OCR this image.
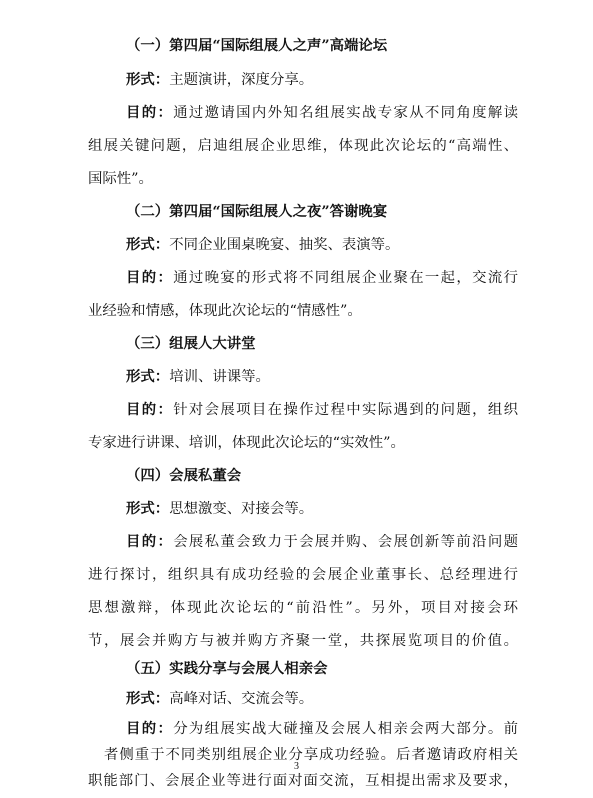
（一）第四届“国际组展人之声”高端论坛
形式：主题演讲，深度分享。
目的：通过邀请国内外知名组展实战专家从不同角度解读
组展关键问题，启迪组展企业思维，体现此次论坛的“高端性、
国际性”。
（二）第四届“国际组展人之夜”答谢晚宴
形式：不同企业围桌晚宴、抽奖、表演等。
目的：通过晚宴的形式将不同组展企业聚在一起，交流行
业经验和情感，体现此次论坛的“情感性”。
（三）组展人大讲堂
形式：培训、讲课等。
目的：针对会展项目在操作过程中实际遇到的问题，组织
专家进行讲课、培训，体现此次论坛的“实效性”。
（四）会展私董会
形式：思想激变、对接会等。
目的：会展私董会致力于会展并购、会展创新等前沿问题
进行探讨，组织具有成功经验的会展企业董事长、总经理进行
思想激辩，体现此次论坛的“前沿性”。另外，项目对接会环
节，展会并购方与被并购方齐聚一堂，共探展览项目的价值。
（五）实践分享与会展人相亲会
形式：高峰对话、交流会等。
目的：分为组展实战大碰撞及会展人相亲会两大部分。前
3
者侧重于不同类别组展企业分享成功经验。后者邀请政府相关
职能部门、会展企业等进行面对面交流，互相提出需求及要求，
